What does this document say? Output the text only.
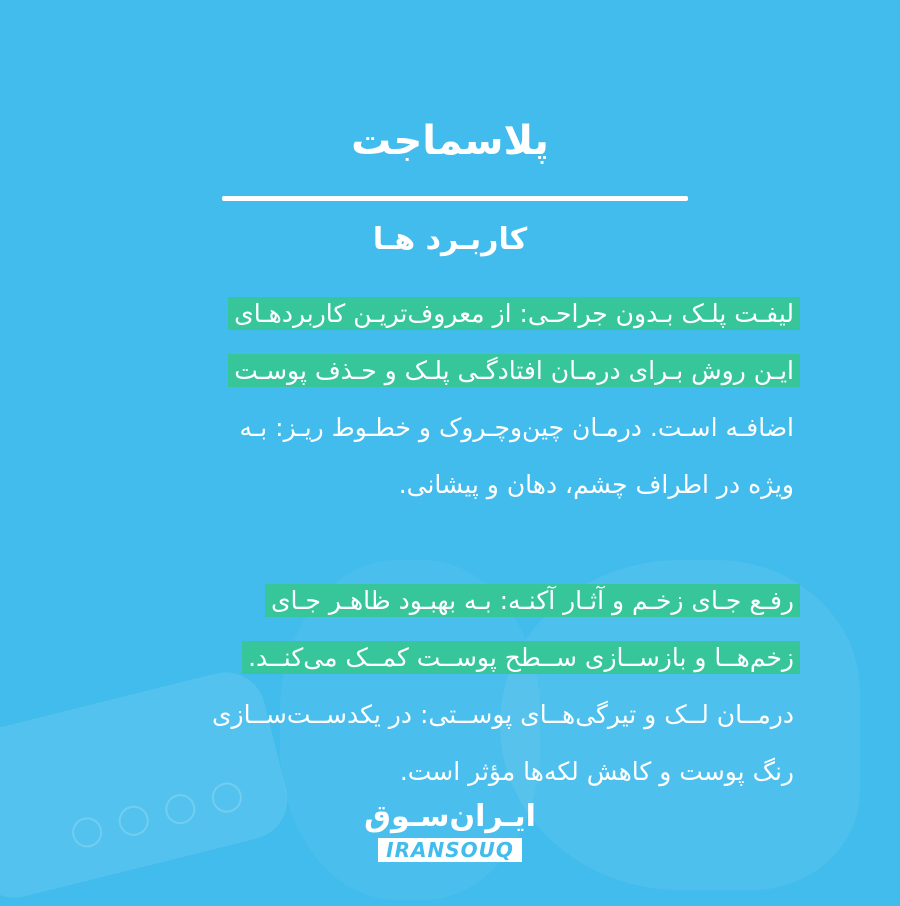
پلاسماجت
کاربـرد هـا
لیفـت پلـک بـدون جراحـی: از معروف‌تریـن کاربردهـای
ایـن روش بـرای درمـان افتادگـی پلـک و حـذف پوسـت
اضافـه اسـت. درمـان چین‌وچـروک و خطـوط ریـز: بـه
ویژه در اطراف چشم، دهان و پیشانی.
رفـع جـای زخـم و آثـار آکنـه: بـه بهبـود ظاهـر جـای
زخم‌هــا و بازســازی ســطح پوســت کمــک می‌کنــد.
درمــان لــک و تیرگی‌هــای پوســتی: در یکدســت‌ســازی
رنگ پوست و کاهش لکه‌ها مؤثر است.
ایـران‌سـوق
IRANSOUQ
